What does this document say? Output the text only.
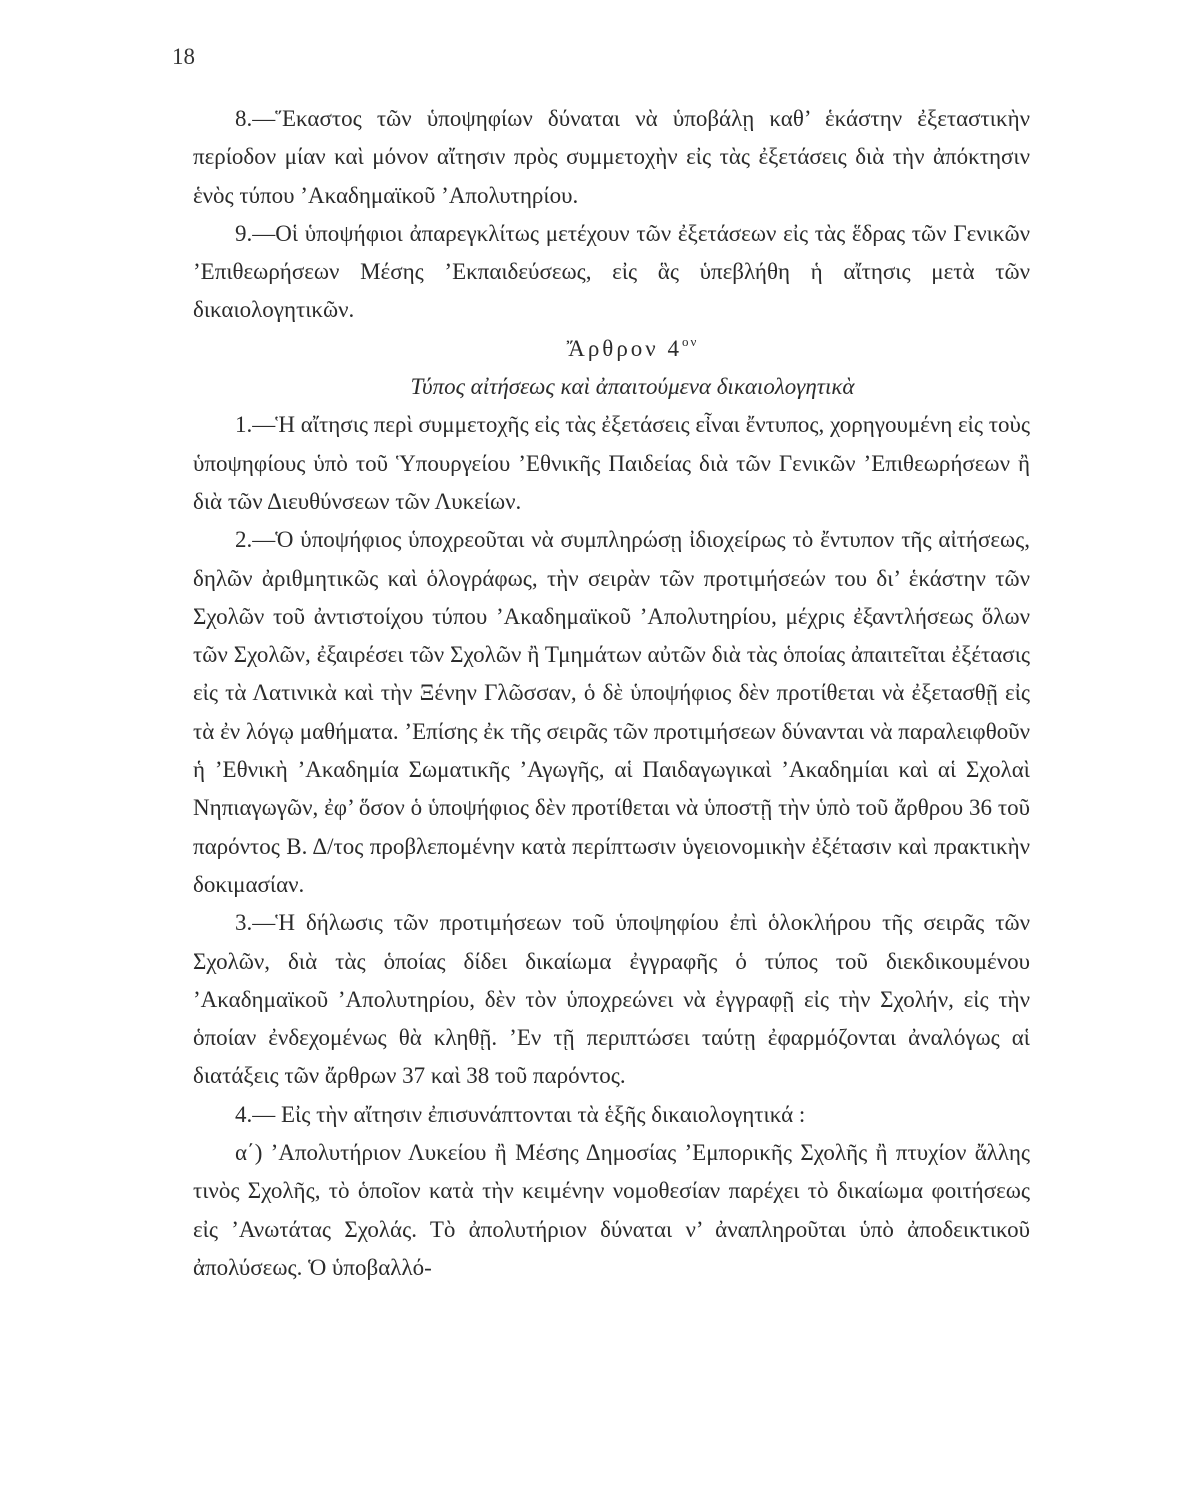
18

8.—Ἕκαστος τῶν ὑποψηφίων δύναται νὰ ὑποβάλῃ καθ’ ἑκάστην ἐξεταστικὴν περίοδον μίαν καὶ μόνον αἴτησιν πρὸς συμμετοχὴν εἰς τὰς ἐξετάσεις διὰ τὴν ἀπόκτησιν ἑνὸς τύπου ’Ακαδημαϊκοῦ ’Απολυτηρίου.

9.—Οἱ ὑποψήφιοι ἀπαρεγκλίτως μετέχουν τῶν ἐξετάσεων εἰς τὰς ἕδρας τῶν Γενικῶν ’Επιθεωρήσεων Μέσης ’Εκπαιδεύσεως, εἰς ἃς ὑπεβλήθη ἡ αἴτησις μετὰ τῶν δικαιολογητικῶν.

Ἄρθρον $4^{o\nu}$

Τύπος αἰτήσεως καὶ ἀπαιτούμενα δικαιολογητικὰ

1.—Ἡ αἴτησις περὶ συμμετοχῆς εἰς τὰς ἐξετάσεις εἶναι ἔντυπος, χορηγουμένη εἰς τοὺς ὑποψηφίους ὑπὸ τοῦ Ὑπουργείου ’Εθνικῆς Παιδείας διὰ τῶν Γενικῶν ’Επιθεωρήσεων ἢ διὰ τῶν Διευθύνσεων τῶν Λυκείων.

2.—Ὁ ὑποψήφιος ὑποχρεοῦται νὰ συμπληρώσῃ ἰδιοχείρως τὸ ἔντυπον τῆς αἰτήσεως, δηλῶν ἀριθμητικῶς καὶ ὁλογράφως, τὴν σειρὰν τῶν προτιμήσεών του δι’ ἑκάστην τῶν Σχολῶν τοῦ ἀντιστοίχου τύπου ’Ακαδημαϊκοῦ ’Απολυτηρίου, μέχρις ἐξαντλήσεως ὅλων τῶν Σχολῶν, ἐξαιρέσει τῶν Σχολῶν ἢ Τμημάτων αὐτῶν διὰ τὰς ὁποίας ἀπαιτεῖται ἐξέτασις εἰς τὰ Λατινικὰ καὶ τὴν Ξένην Γλῶσσαν, ὁ δὲ ὑποψήφιος δὲν προτίθεται νὰ ἐξετασθῇ εἰς τὰ ἐν λόγῳ μαθήματα. ’Επίσης ἐκ τῆς σειρᾶς τῶν προτιμήσεων δύνανται νὰ παραλειφθοῦν ἡ ’Εθνικὴ ’Ακαδημία Σωματικῆς ’Αγωγῆς, αἱ Παιδαγωγικαὶ ’Ακαδημίαι καὶ αἱ Σχολαὶ Νηπιαγωγῶν, ἐφ’ ὅσον ὁ ὑποψήφιος δὲν προτίθεται νὰ ὑποστῇ τὴν ὑπὸ τοῦ ἄρθρου 36 τοῦ παρόντος Β. Δ/τος προβλεπομένην κατὰ περίπτωσιν ὑγειονομικὴν ἐξέτασιν καὶ πρακτικὴν δοκιμασίαν.

3.—Ἡ δήλωσις τῶν προτιμήσεων τοῦ ὑποψηφίου ἐπὶ ὁλοκλήρου τῆς σειρᾶς τῶν Σχολῶν, διὰ τὰς ὁποίας δίδει δικαίωμα ἐγγραφῆς ὁ τύπος τοῦ διεκδικουμένου ’Ακαδημαϊκοῦ ’Απολυτηρίου, δὲν τὸν ὑποχρεώνει νὰ ἐγγραφῇ εἰς τὴν Σχολήν, εἰς τὴν ὁποίαν ἐνδεχομένως θὰ κληθῇ. ’Εν τῇ περιπτώσει ταύτῃ ἐφαρμόζονται ἀναλόγως αἱ διατάξεις τῶν ἄρθρων 37 καὶ 38 τοῦ παρόντος.

4.— Εἰς τὴν αἴτησιν ἐπισυνάπτονται τὰ ἑξῆς δικαιολογητικά :

α΄) ’Απολυτήριον Λυκείου ἢ Μέσης Δημοσίας ’Εμπορικῆς Σχολῆς ἢ πτυχίον ἄλλης τινὸς Σχολῆς, τὸ ὁποῖον κατὰ τὴν κειμένην νομοθεσίαν παρέχει τὸ δικαίωμα φοιτήσεως εἰς ’Ανωτάτας Σχολάς. Τὸ ἀπολυτήριον δύναται ν’ ἀναπληροῦται ὑπὸ ἀποδεικτικοῦ ἀπολύσεως. Ὁ ὑποβαλλό-
